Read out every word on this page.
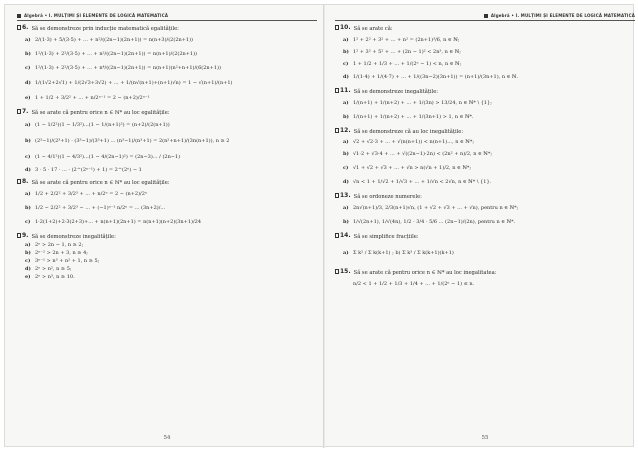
Algebră • I. MULȚIMI ȘI ELEMENTE DE LOGICĂ MATEMATICĂ
6. Să se demonstreze prin inducție matematică egalitățile:
a) 2/(1·3) + 5/(3·5) + ... + n²/((2n−1)(2n+1)) = n(n+3)/(2(2n+1))
b) 1²/(1·3) + 2²/(3·5) + ... + n²/((2n−1)(2n+1)) = n(n+1)/(2(2n+1))
c) 1²/(1·3) + 2²/(3·5) + ... + n⁴/((2n−1)(2n+1)) = n(n+1)(n²+n+1)/(6(2n+1))
d) 1/(1√2+2√1) + 1/(2√3+3√2) + ... + 1/(n√(n+1)+(n+1)√n) = 1 − √(n+1)/(n+1)
e) 1 + 1/2 + 3/2² + ... + n/2ⁿ⁻¹ = 2 − (n+2)/2ⁿ⁻¹
7. Să se arate că pentru orice n ∈ ℕ* au loc egalitățile:
a) (1 − 1/2²)(1 − 1/3²)...(1 − 1/(n+1)²) = (n+2)/(2(n+1))
b) (2³−1)/(2³+1) · (3³−1)/(3³+1) ... (n³−1)/(n³+1) = 2(n²+n+1)/(3n(n+1)), n ≥ 2
c) (1 − 4/1²)(1 − 4/3²)...(1 − 4/(2n−1)²) = (2n−3)... / (2n−1)
d) 3 · 5 · 17 · ... · (2^(2ⁿ⁻¹) + 1) = 2^(2ⁿ) − 1
8. Să se arate că pentru orice n ∈ ℕ* au loc egalitățile:
a) 1/2 + 2/2² + 3/2³ + ... + n/2ⁿ = 2 − (n+2)/2ⁿ
b) 1/2 − 2/2² + 3/2³ − ... + (−1)ⁿ⁻¹ n/2ⁿ = ... (3n+2)/...
c) 1·2(1+2)+2·3(2+3)+... + n(n+1)(2n+1) = n(n+1)(n+2)(3n+1)/24
9. Să se demonstreze inegalitățile:
a) 2ⁿ > 2n − 1, n ≥ 2;
b) 2ⁿ⁻² > 2n + 3, n ≥ 4;
c) 3ⁿ⁻¹ > n³ + n² + 1, n ≥ 5;
d) 2ⁿ > n², n ≥ 5;
e) 2ⁿ > n³, n ≥ 10.
54
Algebră • I. MULȚIMI ȘI ELEMENTE DE LOGICĂ MATEMATICĂ
10. Să se arate că:
a) 1² + 2² + 3² + ... + n² = (2n+1)³/6, n ∈ ℕ;
b) 1² + 3² + 5² + ... + (2n − 1)² < 2n³, n ∈ ℕ;
c) 1 + 1/2 + 1/3 + ... + 1/(2ⁿ − 1) < n, n ∈ ℕ;
d) 1/(1·4) + 1/(4·7) + ... + 1/((3n−2)(3n+1)) = (n+1)/(3n+1), n ∈ ℕ.
11. Să se demonstreze inegalitățile:
a) 1/(n+1) + 1/(n+2) + ... + 1/(3n) > 13/24, n ∈ ℕ* \ {1};
b) 1/(n+1) + 1/(n+2) + ... + 1/(3n+1) > 1, n ∈ ℕ*.
12. Să se demonstreze că au loc inegalitățile:
a) √2 + √2·3 + ... + √(n(n+1)) < n(n+1)..., n ∈ ℕ*;
b) √1·2 + √3·4 + ... + √((2n−1)·2n) < (2n² + n)/2, n ∈ ℕ*;
c) √1 + √2 + √3 + ... + √n > n(√n + 1)/2, n ∈ ℕ*;
d) √n < 1 + 1/√2 + 1/√3 + ... + 1/√n < 2√n, n ∈ ℕ* \ {1}.
13. Să se ordoneze numerele:
a) 2n√(n+1)/3, 2/3(n+1)√n, (1 + √2 + √3 + ... + √n), pentru n ∈ ℕ*;
b) 1/√(2n+1), 1/√(4n), 1/2 · 3/4 · 5/6 ... (2n−1)/(2n), pentru n ∈ ℕ*.
14. Să se simplifice fracțiile:
a) Σ k² / Σ k(k+1) ; b) Σ k³ / Σ k(k+1)(k+1)
15. Să se arate că pentru orice n ∈ ℕ* au loc inegalitatea:
n/2 < 1 + 1/2 + 1/3 + 1/4 + ... + 1/(2ⁿ − 1) ≤ n.
55
